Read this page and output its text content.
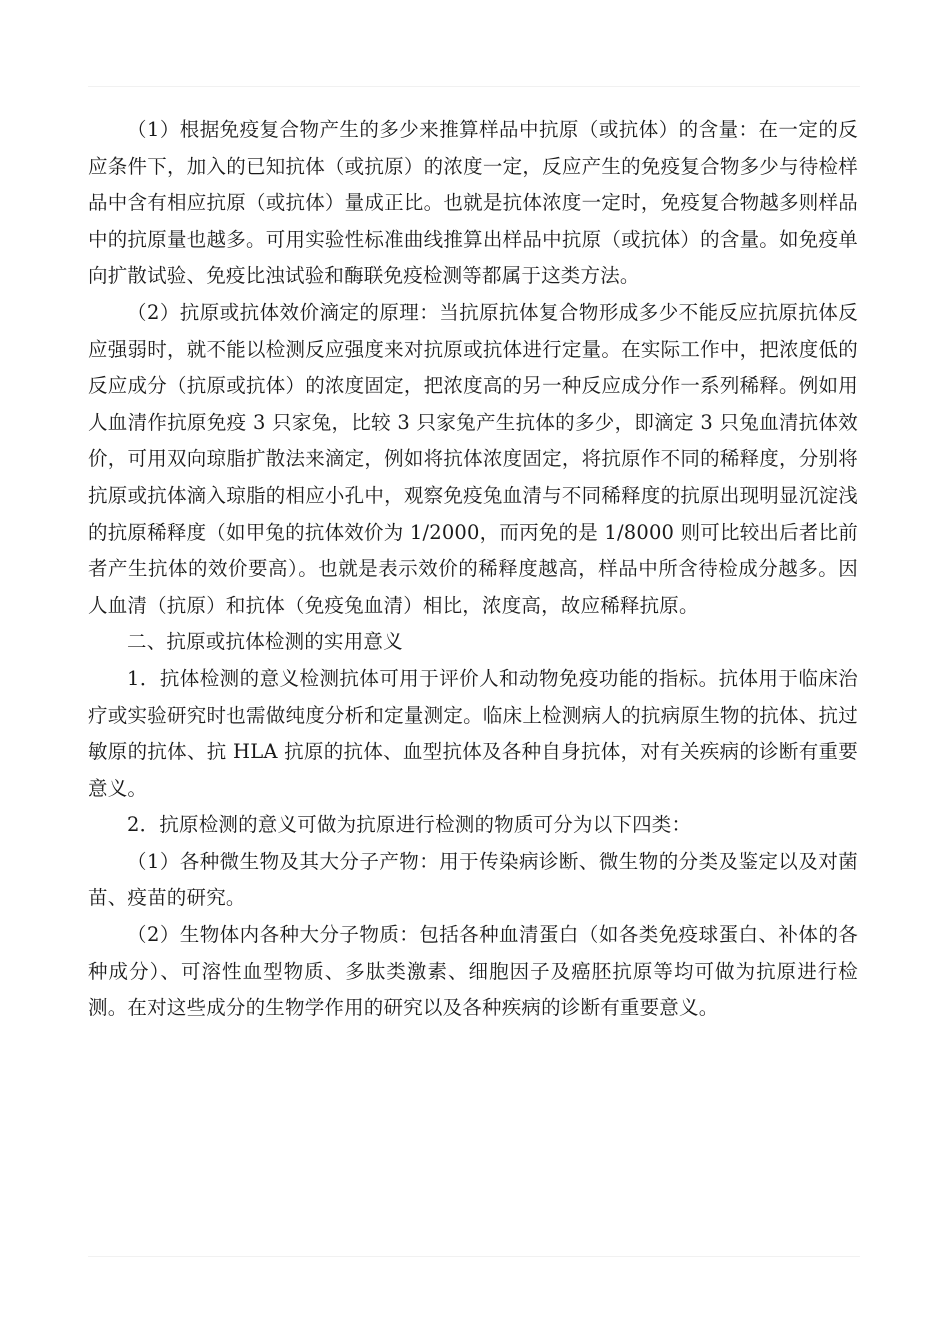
（1）根据免疫复合物产生的多少来推算样品中抗原（或抗体）的含量：在一定的反应条件下，加入的已知抗体（或抗原）的浓度一定，反应产生的免疫复合物多少与待检样品中含有相应抗原（或抗体）量成正比。也就是抗体浓度一定时，免疫复合物越多则样品中的抗原量也越多。可用实验性标准曲线推算出样品中抗原（或抗体）的含量。如免疫单向扩散试验、免疫比浊试验和酶联免疫检测等都属于这类方法。

（2）抗原或抗体效价滴定的原理：当抗原抗体复合物形成多少不能反应抗原抗体反应强弱时，就不能以检测反应强度来对抗原或抗体进行定量。在实际工作中，把浓度低的反应成分（抗原或抗体）的浓度固定，把浓度高的另一种反应成分作一系列稀释。例如用人血清作抗原免疫 3 只家兔，比较 3 只家兔产生抗体的多少，即滴定 3 只兔血清抗体效价，可用双向琼脂扩散法来滴定，例如将抗体浓度固定，将抗原作不同的稀释度，分别将抗原或抗体滴入琼脂的相应小孔中，观察免疫兔血清与不同稀释度的抗原出现明显沉淀浅的抗原稀释度（如甲兔的抗体效价为 1/2000，而丙免的是 1/8000 则可比较出后者比前者产生抗体的效价要高）。也就是表示效价的稀释度越高，样品中所含待检成分越多。因人血清（抗原）和抗体（免疫兔血清）相比，浓度高，故应稀释抗原。

二、抗原或抗体检测的实用意义

1．抗体检测的意义检测抗体可用于评价人和动物免疫功能的指标。抗体用于临床治疗或实验研究时也需做纯度分析和定量测定。临床上检测病人的抗病原生物的抗体、抗过敏原的抗体、抗 HLA 抗原的抗体、血型抗体及各种自身抗体，对有关疾病的诊断有重要意义。

2．抗原检测的意义可做为抗原进行检测的物质可分为以下四类：

（1）各种微生物及其大分子产物：用于传染病诊断、微生物的分类及鉴定以及对菌苗、疫苗的研究。

（2）生物体内各种大分子物质：包括各种血清蛋白（如各类免疫球蛋白、补体的各种成分）、可溶性血型物质、多肽类激素、细胞因子及癌胚抗原等均可做为抗原进行检测。在对这些成分的生物学作用的研究以及各种疾病的诊断有重要意义。
